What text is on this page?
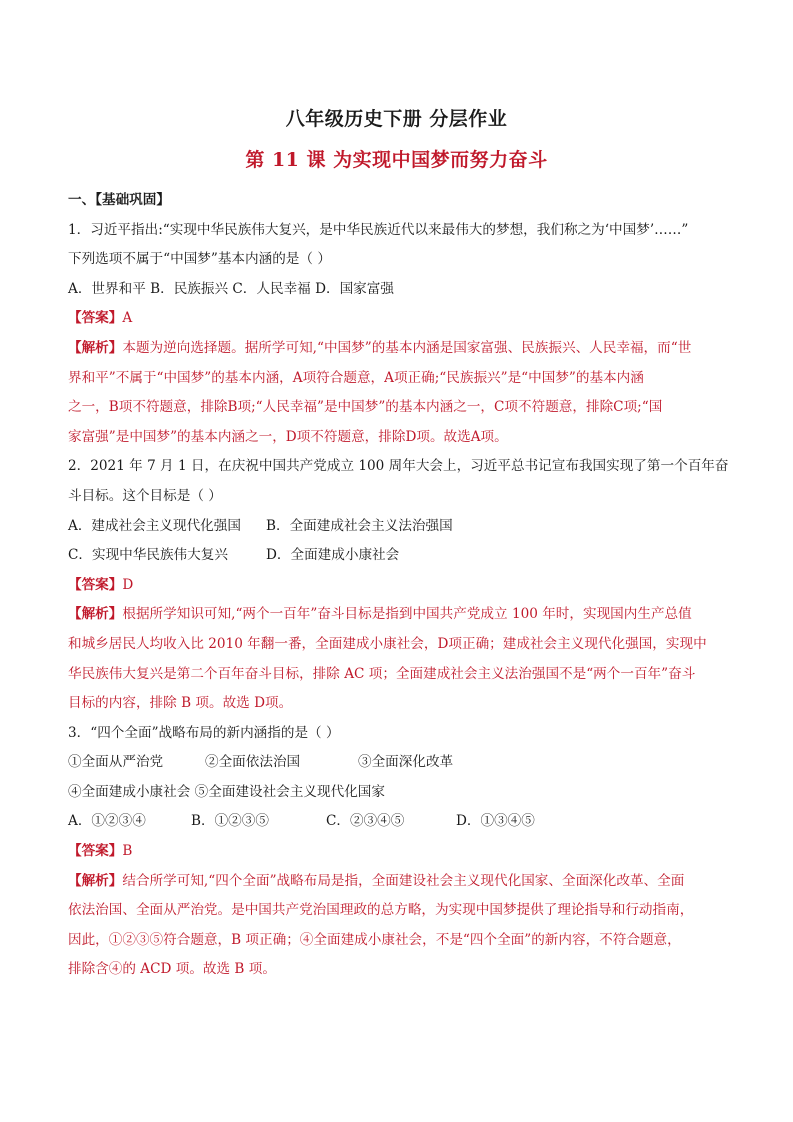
八年级历史下册 分层作业
第 11 课 为实现中国梦而努力奋斗
一、【基础巩固】
1．习近平指出:“实现中华民族伟大复兴，是中华民族近代以来最伟大的梦想，我们称之为‘中国梦’……”
下列选项不属于“中国梦”基本内涵的是（ ）
A．世界和平 B．民族振兴 C．人民幸福 D．国家富强
【答案】A
【解析】本题为逆向选择题。据所学可知,“中国梦”的基本内涵是国家富强、民族振兴、人民幸福，而“世
界和平”不属于“中国梦”的基本内涵，A项符合题意，A项正确;“民族振兴”是“中国梦”的基本内涵
之一，B项不符题意，排除B项;“人民幸福”是中国梦”的基本内涵之一，C项不符题意，排除C项;“国
家富强”是中国梦”的基本内涵之一，D项不符题意，排除D项。故选A项。
2．2021 年 7 月 1 日，在庆祝中国共产党成立 100 周年大会上，习近平总书记宣布我国实现了第一个百年奋
斗目标。这个目标是（ ）
A．建成社会主义现代化强国 B．全面建成社会主义法治强国
C．实现中华民族伟大复兴	D．全面建成小康社会
【答案】D
【解析】根据所学知识可知,“两个一百年”奋斗目标是指到中国共产党成立 100 年时，实现国内生产总值
和城乡居民人均收入比 2010 年翻一番，全面建成小康社会，D项正确；建成社会主义现代化强国，实现中
华民族伟大复兴是第二个百年奋斗目标，排除 AC 项；全面建成社会主义法治强国不是“两个一百年”奋斗
目标的内容，排除 B 项。故选 D项。
3．“四个全面”战略布局的新内涵指的是（ ）
①全面从严治党	②全面依法治国	③全面深化改革
④全面建成小康社会 ⑤全面建设社会主义现代化国家
A．①②③④	B．①②③⑤	C．②③④⑤	D．①③④⑤
【答案】B
【解析】结合所学可知,“四个全面”战略布局是指，全面建设社会主义现代化国家、全面深化改革、全面
依法治国、全面从严治党。是中国共产党治国理政的总方略，为实现中国梦提供了理论指导和行动指南，
因此，①②③⑤符合题意，B 项正确；④全面建成小康社会，不是“四个全面”的新内容，不符合题意，
排除含④的 ACD 项。故选 B 项。
